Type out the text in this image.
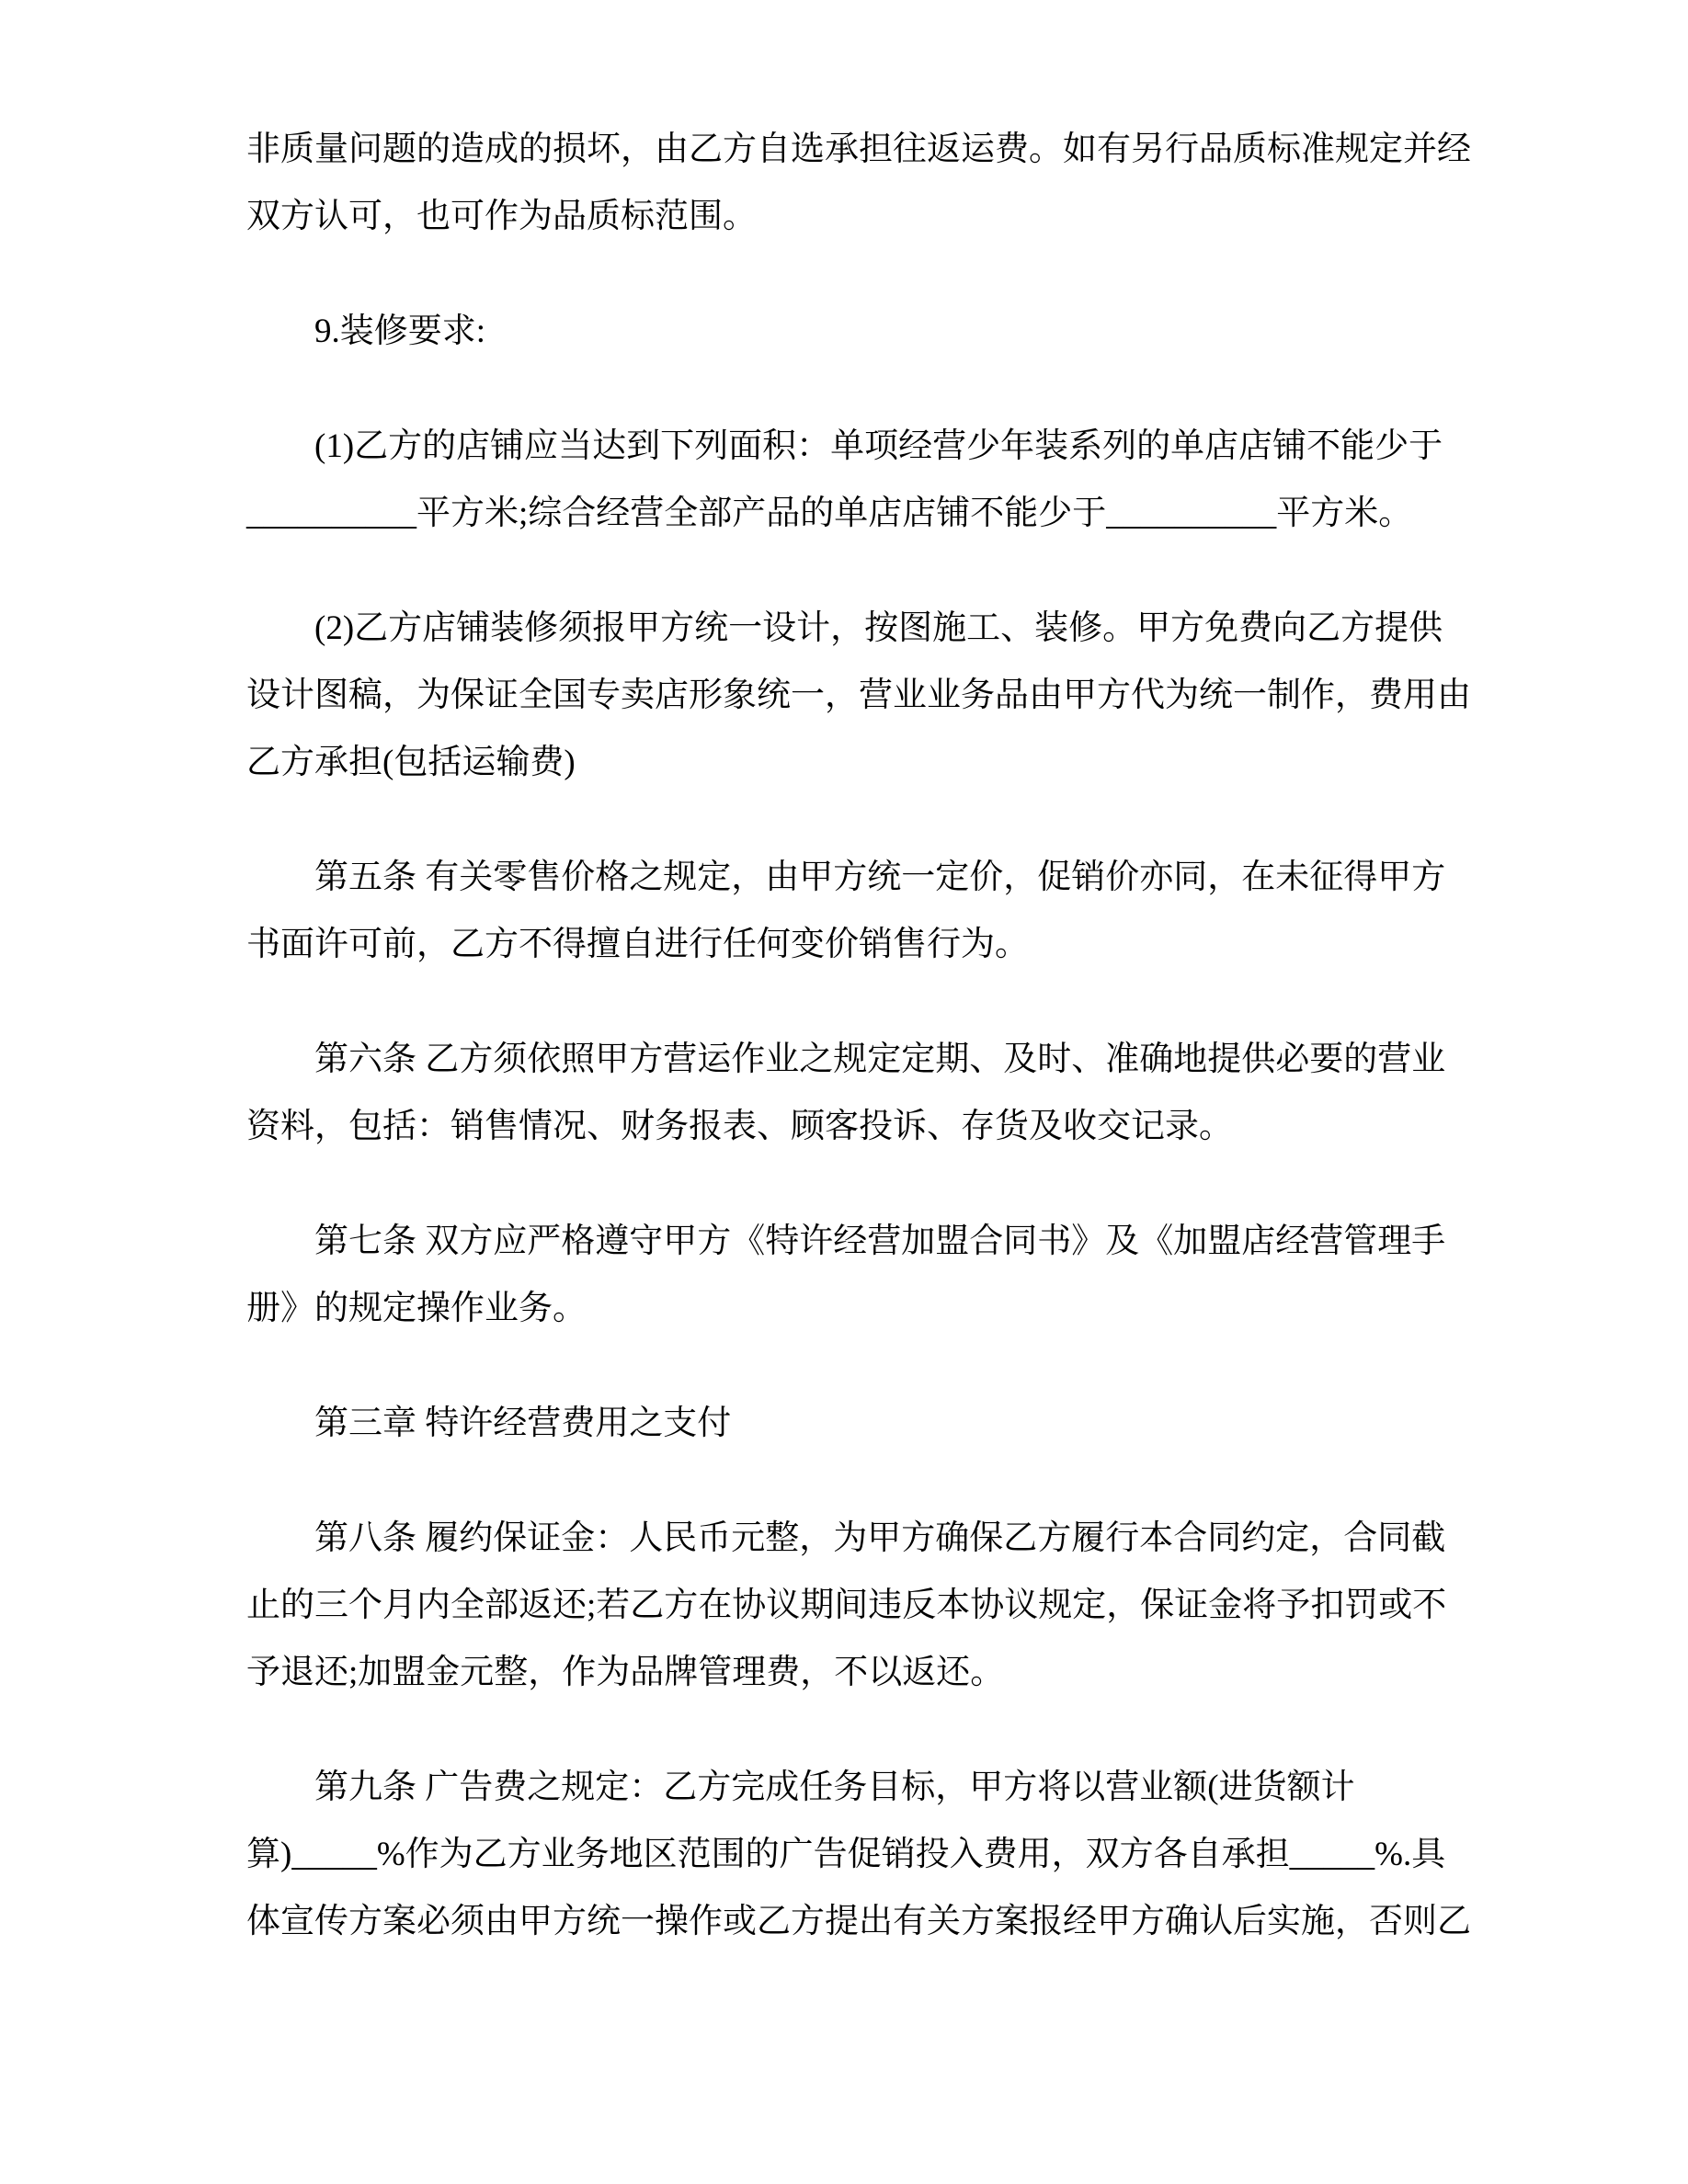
非质量问题的造成的损坏，由乙方自选承担往返运费。如有另行品质标准规定并经
双方认可，也可作为品质标范围。
9.装修要求:
(1)乙方的店铺应当达到下列面积：单项经营少年装系列的单店店铺不能少于
__________平方米;综合经营全部产品的单店店铺不能少于__________平方米。
(2)乙方店铺装修须报甲方统一设计，按图施工、装修。甲方免费向乙方提供
设计图稿，为保证全国专卖店形象统一，营业业务品由甲方代为统一制作，费用由
乙方承担(包括运输费)
第五条 有关零售价格之规定，由甲方统一定价，促销价亦同，在未征得甲方
书面许可前，乙方不得擅自进行任何变价销售行为。
第六条 乙方须依照甲方营运作业之规定定期、及时、准确地提供必要的营业
资料，包括：销售情况、财务报表、顾客投诉、存货及收交记录。
第七条 双方应严格遵守甲方《特许经营加盟合同书》及《加盟店经营管理手
册》的规定操作业务。
第三章 特许经营费用之支付
第八条 履约保证金：人民币元整，为甲方确保乙方履行本合同约定，合同截
止的三个月内全部返还;若乙方在协议期间违反本协议规定，保证金将予扣罚或不
予退还;加盟金元整，作为品牌管理费，不以返还。
第九条 广告费之规定：乙方完成任务目标，甲方将以营业额(进货额计
算)_____%作为乙方业务地区范围的广告促销投入费用，双方各自承担_____%.具
体宣传方案必须由甲方统一操作或乙方提出有关方案报经甲方确认后实施，否则乙
